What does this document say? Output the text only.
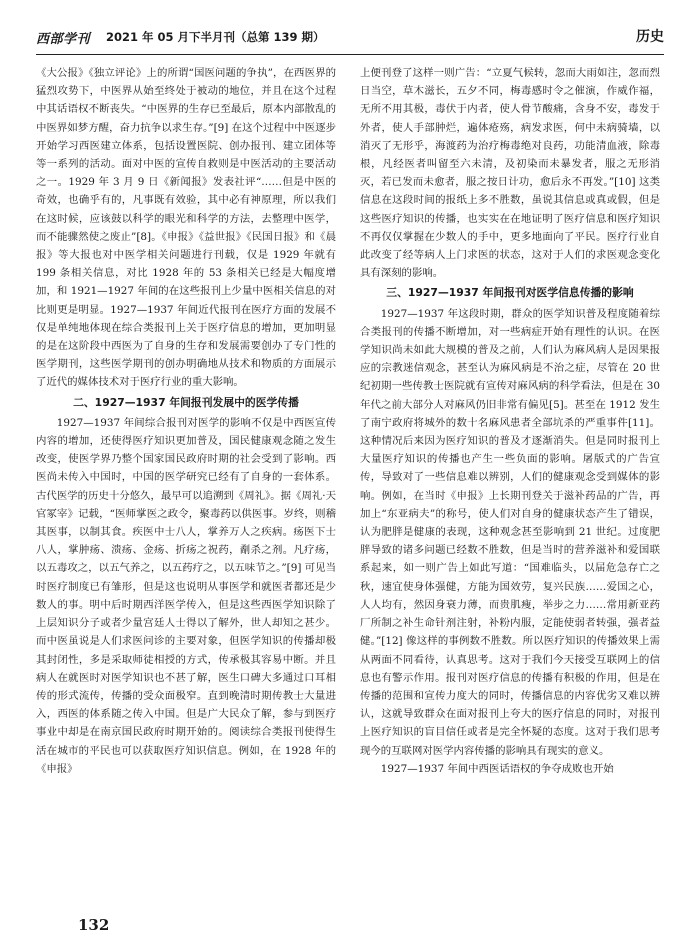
西部学刊 2021 年 05 月下半月刊（总第 139 期）	历史

《大公报》《独立评论》上的所谓“国医问题的争执”，在西医界的猛烈攻势下，中医界从始至终处于被动的地位，并且在这个过程中其话语权不断丧失。“中医界的生存已至最后，原本内部散乱的中医界如梦方醒，奋力抗争以求生存。”[9] 在这个过程中中医逐步开始学习西医建立体系，包括设置医院、创办报刊、建立团体等等一系列的活动。面对中医的宣传自救则是中医活动的主要活动之一。1929 年 3 月 9 日《新闻报》发表社评“……但是中医的奇效，也确乎有的，凡事既有效验，其中必有神原理，所以我们在这时候，应该鼓以科学的眼光和科学的方法，去整理中医学，而不能骤然使之废止”[8]。《申报》《益世报》《民国日报》和《晨报》等大报也对中医学相关问题进行刊载，仅是 1929 年就有 199 条相关信息，对比 1928 年的 53 条相关已经是大幅度增加，和 1921—1927 年间的在这些报刊上少量中医相关信息的对比则更是明显。1927—1937 年间近代报刊在医疗方面的发展不仅是单纯地体现在综合类报刊上关于医疗信息的增加，更加明显的是在这阶段中西医为了自身的生存和发展需要创办了专门性的医学期刊，这些医学期刊的创办明确地从技术和物质的方面展示了近代的媒体技术对于医疗行业的重大影响。

二、1927—1937 年间报刊发展中的医学传播

1927—1937 年间综合报刊对医学的影响不仅是中西医宣传内容的增加，还使得医疗知识更加普及，国民健康观念随之发生改变，使医学界乃整个国家国民政府时期的社会受到了影响。西医尚未传入中国时，中国的医学研究已经有了自身的一套体系。古代医学的历史十分悠久，最早可以追溯到《周礼》。据《周礼·天官冢宰》记载，“医师掌医之政令，聚毒药以供医事。岁终，则稽其医事，以制其食。疾医中士八人，掌养万人之疾病。疡医下士八人，掌肿疡、溃疡、金疡、折疡之祝药，劀杀之剂。凡疗疡，以五毒攻之，以五气养之，以五药疗之，以五味节之。”[9] 可见当时医疗制度已有雏形，但是这也说明从事医学和就医者都还是少数人的事。明中后时期西洋医学传入，但是这些西医学知识除了上层知识分子或者少量宫廷人士得以了解外，世人却知之甚少。而中医虽说是人们求医问诊的主要对象，但医学知识的传播却极其封闭性，多是采取师徒相授的方式，传承极其容易中断。并且病人在就医时对医学知识也不甚了解，医生口碑大多通过口耳相传的形式流传，传播的受众面极窄。直到晚清时期传教士大量进入，西医的体系随之传入中国。但是广大民众了解，参与到医疗事业中却是在南京国民政府时期开始的。阅读综合类报刊使得生活在城市的平民也可以获取医疗知识信息。例如，在 1928 年的《申报》

上便刊登了这样一则广告：“立夏气候转，忽而大雨如注，忽而烈日当空，草木滋长，五夕不同，梅毒感时令之催演，作威作福，无所不用其极，毒伏于内者，使人骨节酸痛，含身不安，毒发于外者，使人手部肿烂，遍体疮殇，病发求医，何中未病骑墙，以消灭了无形乎，海渡药为治疗梅毒绝对良药，功能清血液，除毒根，凡经医者叫留至六未清，及初染而未暴发者，服之无形消灭，若已发而未愈者，服之按日计功，愈后永不再发。”[10] 这类信息在这段时间的报纸上多不胜数，虽说其信息或真或假，但是这些医疗知识的传播，也实实在在地证明了医疗信息和医疗知识不再仅仅掌握在少数人的手中，更多地面向了平民。医疗行业自此改变了经等病人上门求医的状态，这对于人们的求医观念变化具有深刻的影响。

三、1927—1937 年间报刊对医学信息传播的影响

1927—1937 年这段时期，群众的医学知识普及程度随着综合类报刊的传播不断增加，对一些病症开始有理性的认识。在医学知识尚未如此大规模的普及之前，人们认为麻风病人是因果报应的宗教迷信观念，甚至认为麻风病是不治之症，尽管在 20 世纪初期一些传教士医院就有宣传对麻风病的科学看法，但是在 30 年代之前大部分人对麻风仍旧非常有偏见[5]。甚至在 1912 发生了南宁政府将城外的数十名麻风患者全部坑杀的严重事件[11]。这种情况后来因为医疗知识的普及才逐渐消失。但是同时报刊上大量医疗知识的传播也产生一些负面的影响。屠版式的广告宣传，导致对了一些信息难以辨别，人们的健康观念受到媒体的影响。例如，在当时《申报》上长期刊登关于滋补药品的广告，再加上“东亚病夫”的称号，使人们对自身的健康状态产生了错误，认为肥胖是健康的表现，这种观念甚至影响到 21 世纪。过度肥胖导致的诸多问题已经数不胜数，但是当时的营养滋补和爱国联系起来，如一则广告上如此写道：“国难临头，以届危急存亡之秋，速宜使身体强健，方能为国效劳，复兴民族……爱国之心，人人均有，然因身衰力薄，而贵肌瘦，举步之力……常用新亚药厂所制之补生命针剂注射，补粉内服，定能使弱者转强，强者益健。”[12] 像这样的事例数不胜数。所以医疗知识的传播效果上需从两面不同看待，认真思考。这对于我们今天接受互联网上的信息也有警示作用。报刊对医疗信息的传播有积极的作用，但是在传播的范围和宣传力度大的同时，传播信息的内容优劣又难以辨认，这就导致群众在面对报刊上夸大的医疗信息的同时，对报刊上医疗知识的盲目信任或者是完全怀疑的态度。这对于我们思考现今的互联网对医学内容传播的影响具有现实的意义。

1927—1937 年间中西医话语权的争夺成败也开始

132
